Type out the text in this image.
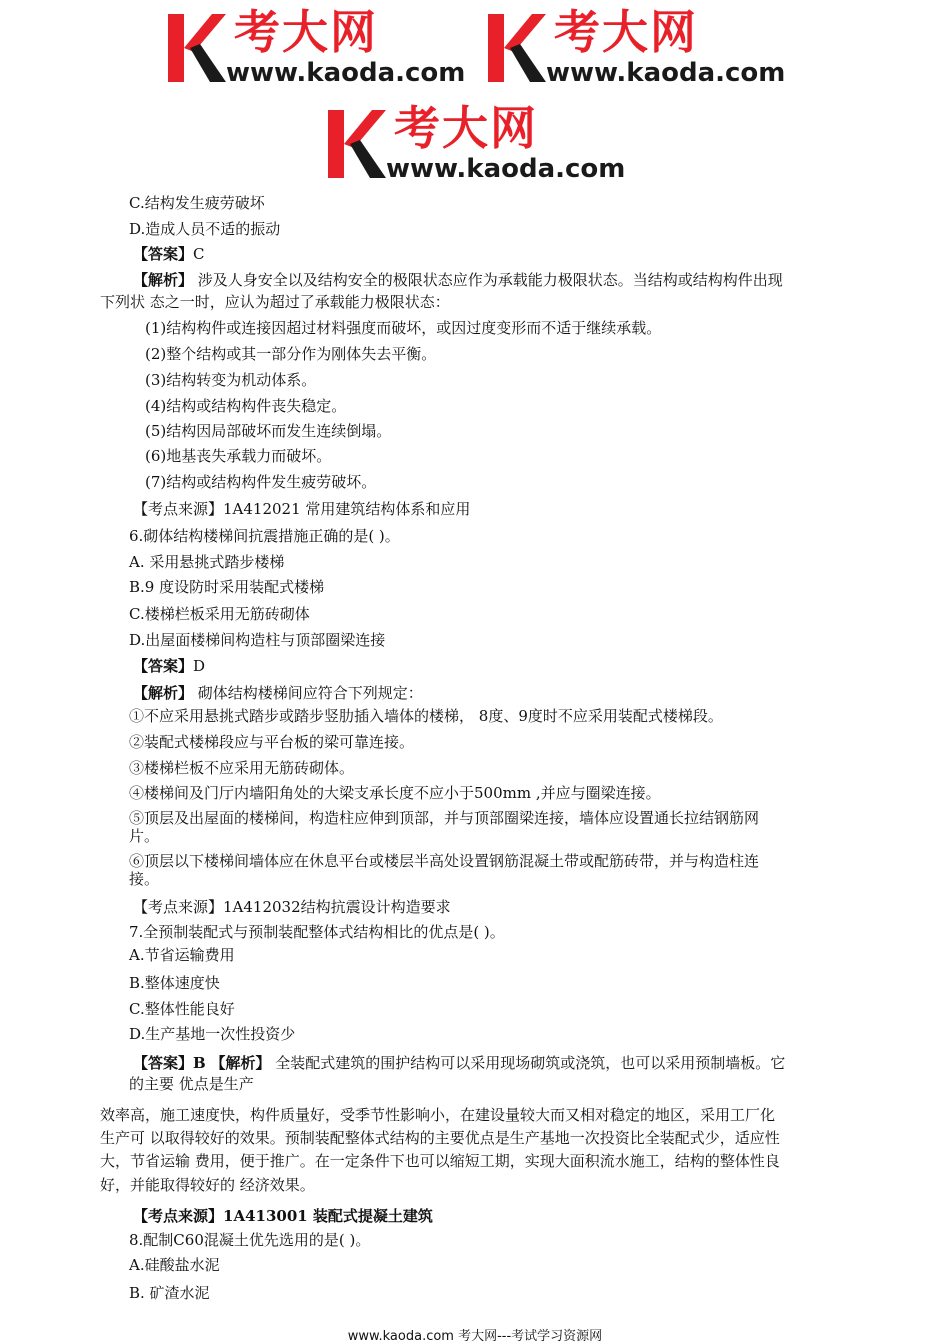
考大网
www.kaoda.com
考大网
www.kaoda.com
考大网
www.kaoda.com
C.结构发生疲劳破坏
D.造成人员不适的振动
【答案】C
【解析】 涉及人身安全以及结构安全的极限状态应作为承载能力极限状态。当结构或结构构件出现
下列状 态之一时，应认为超过了承载能力极限状态：
(1)结构构件或连接因超过材料强度而破坏，或因过度变形而不适于继续承载。
(2)整个结构或其一部分作为刚体失去平衡。
(3)结构转变为机动体系。
(4)结构或结构构件丧失稳定。
(5)结构因局部破坏而发生连续倒塌。
(6)地基丧失承载力而破坏。
(7)结构或结构构件发生疲劳破坏。
【考点来源】1A412021 常用建筑结构体系和应用
6.砌体结构楼梯间抗震措施正确的是( )。
A. 采用悬挑式踏步楼梯
B.9 度设防时采用装配式楼梯
C.楼梯栏板采用无筋砖砌体
D.出屋面楼梯间构造柱与顶部圈梁连接
【答案】D
【解析】 砌体结构楼梯间应符合下列规定：
①不应采用悬挑式踏步或踏步竖肋插入墙体的楼梯， 8度、9度时不应采用装配式楼梯段。
②装配式楼梯段应与平台板的梁可靠连接。
③楼梯栏板不应采用无筋砖砌体。
④楼梯间及门厅内墙阳角处的大梁支承长度不应小于500mm ,并应与圈梁连接。
⑤顶层及出屋面的楼梯间，构造柱应伸到顶部，并与顶部圈梁连接，墙体应设置通长拉结钢筋网
片。
⑥顶层以下楼梯间墙体应在休息平台或楼层半高处设置钢筋混凝土带或配筋砖带，并与构造柱连
接。
【考点来源】1A412032结构抗震设计构造要求
7.全预制装配式与预制装配整体式结构相比的优点是( )。
A.节省运输费用
B.整体速度快
C.整体性能良好
D.生产基地一次性投资少
【答案】B 【解析】 全装配式建筑的围护结构可以采用现场砌筑或浇筑，也可以采用预制墙板。它
的主要 优点是生产
效率高，施工速度快，构件质量好，受季节性影响小，在建设量较大而又相对稳定的地区，采用工厂化
生产可 以取得较好的效果。预制装配整体式结构的主要优点是生产基地一次投资比全装配式少，适应性
大，节省运输 费用，便于推广。在一定条件下也可以缩短工期，实现大面积流水施工，结构的整体性良
好，并能取得较好的 经济效果。
【考点来源】1A413001 装配式提凝土建筑
8.配制C60混凝土优先选用的是( )。
A.硅酸盐水泥
B. 矿渣水泥
www.kaoda.com 考大网---考试学习资源网
